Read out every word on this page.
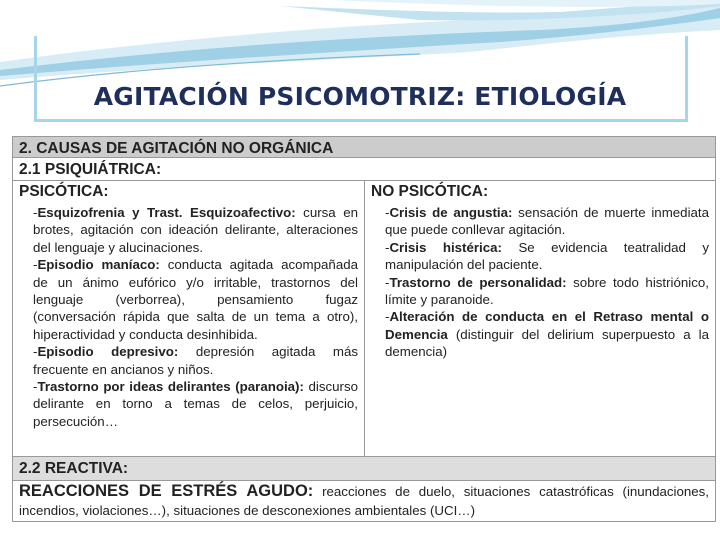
AGITACIÓN PSICOMOTRIZ: ETIOLOGÍA
2. CAUSAS DE AGITACIÓN NO ORGÁNICA
2.1 PSIQUIÁTRICA:
PSICÓTICA:
-Esquizofrenia y Trast. Esquizoafectivo: cursa en brotes, agitación con ideación delirante, alteraciones del lenguaje y alucinaciones.
-Episodio maníaco: conducta agitada acompañada de un ánimo eufórico y/o irritable, trastornos del lenguaje (verborrea), pensamiento fugaz (conversación rápida que salta de un tema a otro), hiperactividad y conducta desinhibida.
-Episodio depresivo: depresión agitada más frecuente en ancianos y niños.
-Trastorno por ideas delirantes (paranoia): discurso delirante en torno a temas de celos, perjuicio, persecución…
NO PSICÓTICA:
-Crisis de angustia: sensación de muerte inmediata que puede conllevar agitación.
-Crisis histérica: Se evidencia teatralidad y manipulación del paciente.
-Trastorno de personalidad: sobre todo histriónico, límite y paranoide.
-Alteración de conducta en el Retraso mental o Demencia (distinguir del delirium superpuesto a la demencia)
2.2 REACTIVA:
REACCIONES DE ESTRÉS AGUDO: reacciones de duelo, situaciones catastróficas (inundaciones, incendios, violaciones…), situaciones de desconexiones ambientales (UCI…)
